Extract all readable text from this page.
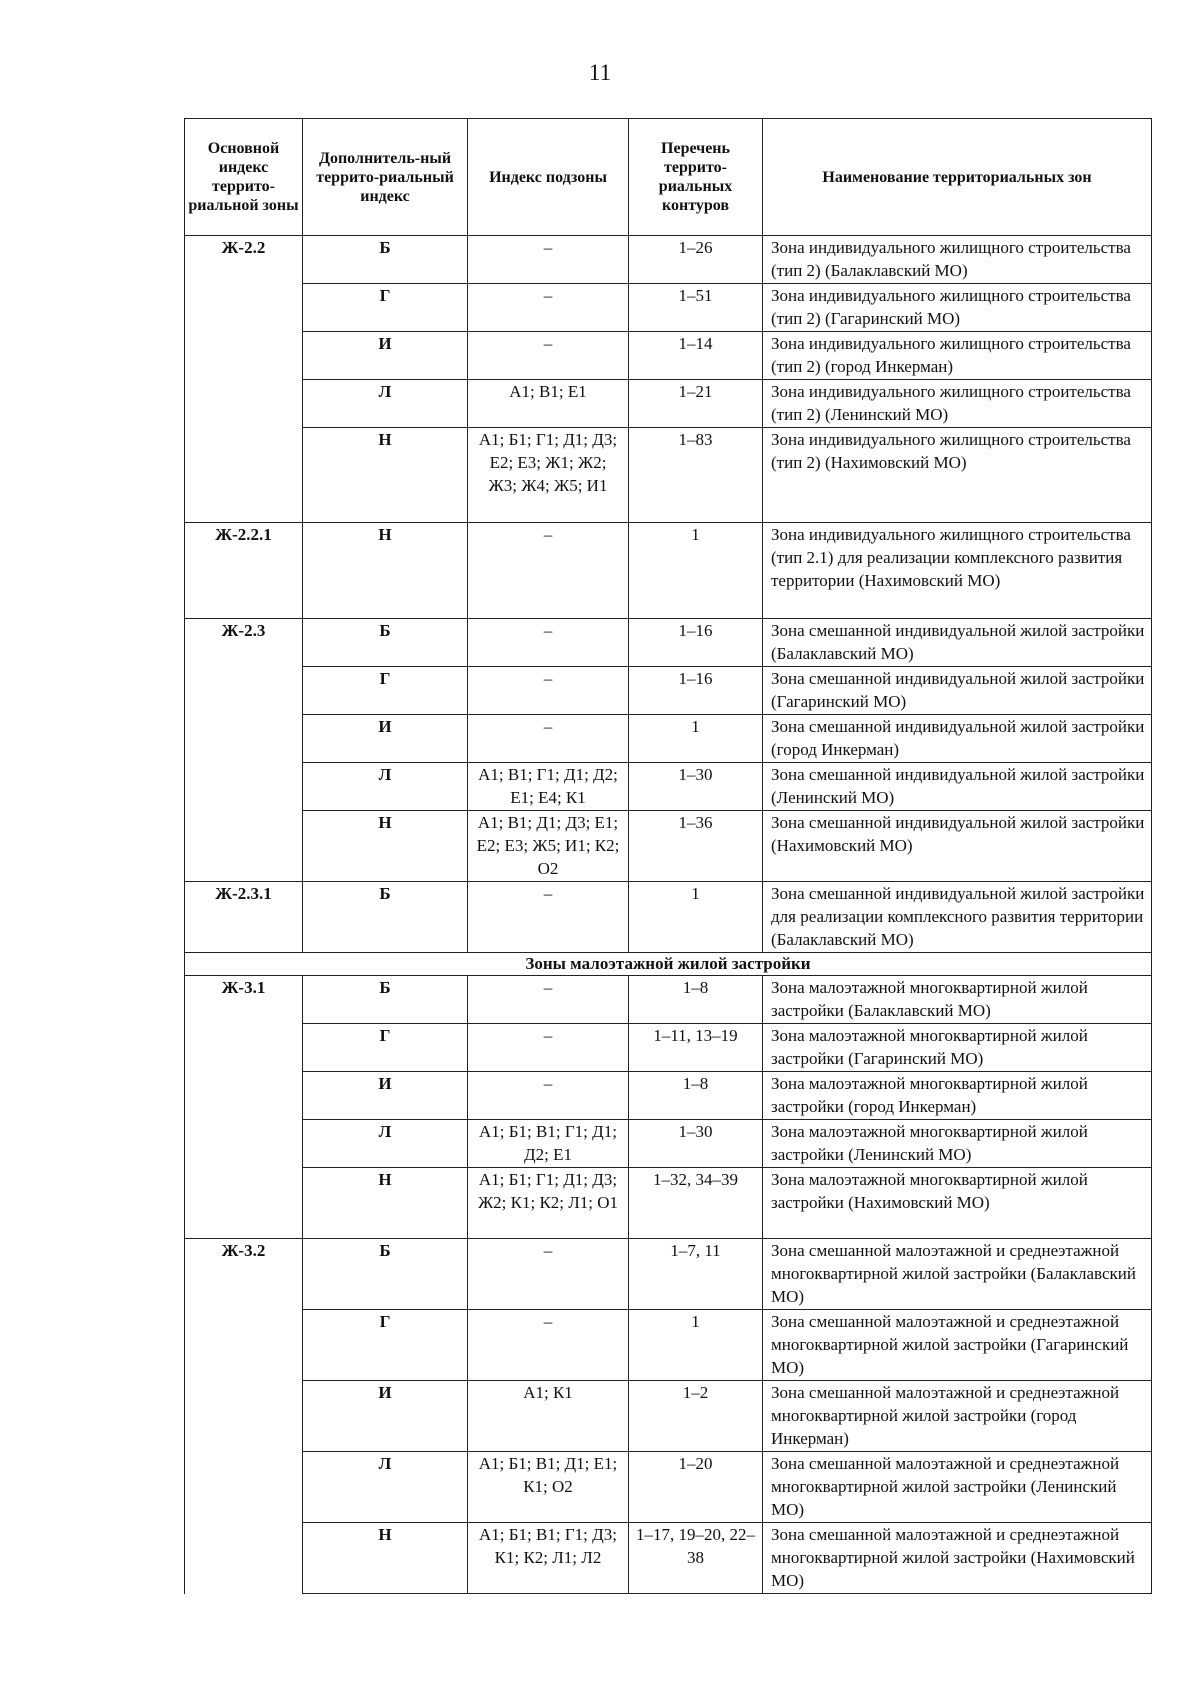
11
Основной индекс террито-риальной зоны	Дополнитель-ный террито-риальный индекс	Индекс подзоны	Перечень террито-риальных контуров	Наименование территориальных зон
Ж-2.2	Б	–	1–26	Зона индивидуального жилищного строительства (тип 2) (Балаклавский МО)
	Г	–	1–51	Зона индивидуального жилищного строительства (тип 2) (Гагаринский МО)
	И	–	1–14	Зона индивидуального жилищного строительства (тип 2) (город Инкерман)
	Л	А1; В1; Е1	1–21	Зона индивидуального жилищного строительства (тип 2) (Ленинский МО)
	Н	А1; Б1; Г1; Д1; Д3; Е2; Е3; Ж1; Ж2; Ж3; Ж4; Ж5; И1	1–83	Зона индивидуального жилищного строительства (тип 2) (Нахимовский МО)
Ж-2.2.1	Н	–	1	Зона индивидуального жилищного строительства (тип 2.1) для реализации комплексного развития территории (Нахимовский МО)
Ж-2.3	Б	–	1–16	Зона смешанной индивидуальной жилой застройки (Балаклавский МО)
	Г	–	1–16	Зона смешанной индивидуальной жилой застройки (Гагаринский МО)
	И	–	1	Зона смешанной индивидуальной жилой застройки (город Инкерман)
	Л	А1; В1; Г1; Д1; Д2; Е1; Е4; К1	1–30	Зона смешанной индивидуальной жилой застройки (Ленинский МО)
	Н	А1; В1; Д1; Д3; Е1; Е2; Е3; Ж5; И1; К2; О2	1–36	Зона смешанной индивидуальной жилой застройки (Нахимовский МО)
Ж-2.3.1	Б	–	1	Зона смешанной индивидуальной жилой застройки для реализации комплексного развития территории (Балаклавский МО)
Зоны малоэтажной жилой застройки				
Ж-3.1	Б	–	1–8	Зона малоэтажной многоквартирной жилой застройки (Балаклавский МО)
	Г	–	1–11, 13–19	Зона малоэтажной многоквартирной жилой застройки (Гагаринский МО)
	И	–	1–8	Зона малоэтажной многоквартирной жилой застройки (город Инкерман)
	Л	А1; Б1; В1; Г1; Д1; Д2; Е1	1–30	Зона малоэтажной многоквартирной жилой застройки (Ленинский МО)
	Н	А1; Б1; Г1; Д1; Д3; Ж2; К1; К2; Л1; О1	1–32, 34–39	Зона малоэтажной многоквартирной жилой застройки (Нахимовский МО)
Ж-3.2	Б	–	1–7, 11	Зона смешанной малоэтажной и среднеэтажной многоквартирной жилой застройки (Балаклавский МО)
	Г	–	1	Зона смешанной малоэтажной и среднеэтажной многоквартирной жилой застройки (Гагаринский МО)
	И	А1; К1	1–2	Зона смешанной малоэтажной и среднеэтажной многоквартирной жилой застройки (город Инкерман)
	Л	А1; Б1; В1; Д1; Е1; К1; О2	1–20	Зона смешанной малоэтажной и среднеэтажной многоквартирной жилой застройки (Ленинский МО)
	Н	А1; Б1; В1; Г1; Д3; К1; К2; Л1; Л2	1–17, 19–20, 22–38	Зона смешанной малоэтажной и среднеэтажной многоквартирной жилой застройки (Нахимовский МО)
